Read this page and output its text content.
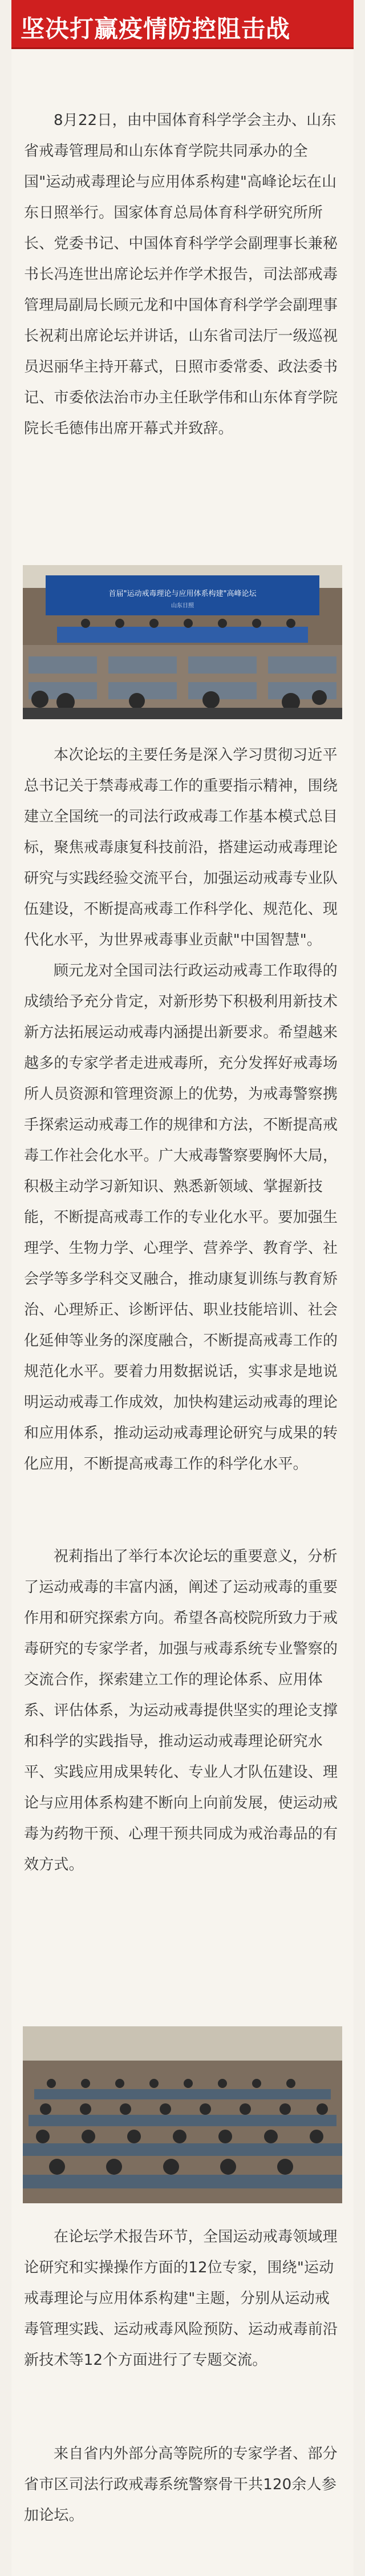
坚决打赢疫情防控阻击战
8月22日，由中国体育科学学会主办、山东省戒毒管理局和山东体育学院共同承办的全国"运动戒毒理论与应用体系构建"高峰论坛在山东日照举行。国家体育总局体育科学研究所所长、党委书记、中国体育科学学会副理事长兼秘书长冯连世出席论坛并作学术报告，司法部戒毒管理局副局长顾元龙和中国体育科学学会副理事长祝莉出席论坛并讲话，山东省司法厅一级巡视员迟丽华主持开幕式，日照市委常委、政法委书记、市委依法治市办主任耿学伟和山东体育学院院长毛德伟出席开幕式并致辞。
首届"运动戒毒理论与应用体系构建"高峰论坛
山东日照
本次论坛的主要任务是深入学习贯彻习近平总书记关于禁毒戒毒工作的重要指示精神，围绕建立全国统一的司法行政戒毒工作基本模式总目标，聚焦戒毒康复科技前沿，搭建运动戒毒理论研究与实践经验交流平台，加强运动戒毒专业队伍建设，不断提高戒毒工作科学化、规范化、现代化水平，为世界戒毒事业贡献"中国智慧"。
顾元龙对全国司法行政运动戒毒工作取得的成绩给予充分肯定，对新形势下积极利用新技术新方法拓展运动戒毒内涵提出新要求。希望越来越多的专家学者走进戒毒所，充分发挥好戒毒场所人员资源和管理资源上的优势，为戒毒警察携手探索运动戒毒工作的规律和方法，不断提高戒毒工作社会化水平。广大戒毒警察要胸怀大局，积极主动学习新知识、熟悉新领域、掌握新技能，不断提高戒毒工作的专业化水平。要加强生理学、生物力学、心理学、营养学、教育学、社会学等多学科交叉融合，推动康复训练与教育矫治、心理矫正、诊断评估、职业技能培训、社会化延伸等业务的深度融合，不断提高戒毒工作的规范化水平。要着力用数据说话，实事求是地说明运动戒毒工作成效，加快构建运动戒毒的理论和应用体系，推动运动戒毒理论研究与成果的转化应用，不断提高戒毒工作的科学化水平。
祝莉指出了举行本次论坛的重要意义，分析了运动戒毒的丰富内涵，阐述了运动戒毒的重要作用和研究探索方向。希望各高校院所致力于戒毒研究的专家学者，加强与戒毒系统专业警察的交流合作，探索建立工作的理论体系、应用体系、评估体系，为运动戒毒提供坚实的理论支撑和科学的实践指导，推动运动戒毒理论研究水平、实践应用成果转化、专业人才队伍建设、理论与应用体系构建不断向上向前发展，使运动戒毒为药物干预、心理干预共同成为戒治毒品的有效方式。
在论坛学术报告环节，全国运动戒毒领域理论研究和实操操作方面的12位专家，围绕"运动戒毒理论与应用体系构建"主题，分别从运动戒毒管理实践、运动戒毒风险预防、运动戒毒前沿新技术等12个方面进行了专题交流。
来自省内外部分高等院所的专家学者、部分省市区司法行政戒毒系统警察骨干共120余人参加论坛。
